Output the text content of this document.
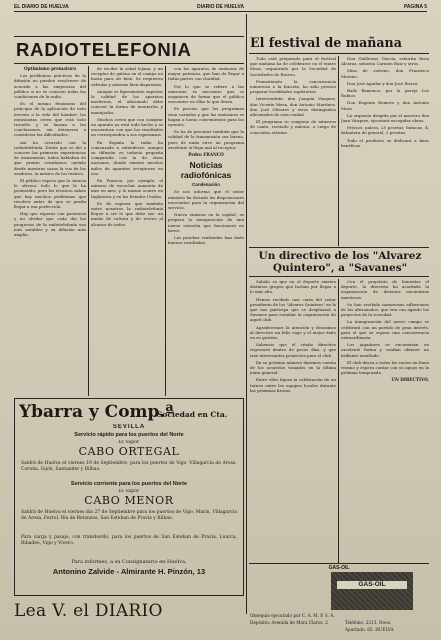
EL DIARIO DE HUELVA	DIARIO DE HUELVA	PAGINA 5
RADIOTELEFONIA

Optimismo prematuro

Los problemas prácticos de la difusión no pueden resolverse de acuerdo a las exigencias del público si no se conocen todas las condiciones de la radio.

Es el mismo fenómeno del principio de la aplicación de todo invento a la vida del hombre: los entusiastas creen que está todo resuelto y se lanzan a las conclusiones, sin detenerse a considerar las dificultades.

Así ha ocurrido con la radiotelefonía. Desde que se dió a conocer las primeras experiencias de transmisión, todos hablaban de que pronto estaríamos oyendo desde nuestras casas la voz de los oradores, la música de los teatros.

El público espera que la ciencia le ofrezca todo lo que le ha prometido; pero los técnicos saben que hay muchos problemas que resolver antes de que se pueda llegar a esa perfección.

Hay que esperar con paciencia y no olvidar que cada día los progresos de la radiotelefonía son más notables y su difusión más amplia.

de recibir la señal lejana, y un receptor de galena en el campo no basta para oír bien. Se requieren válvulas y antenas bien dispuestas.

Aunque es ligeramente superior la calidad de los aparatos modernos, el aficionado debe conocer la forma de montarlos y manejarlos.

Muchos creen que con comprar un aparato ya está todo hecho y se encuentran con que los resultados no corresponden a sus esperanzas.

En España la radio ha comenzado a extenderse, aunque su difusión es todavía pequeña comparada con la de otras naciones, donde existen muchos miles de aparatos receptores en uso.

En Francia, por ejemplo, el número de escuchas aumenta de mes en mes, y lo mismo ocurre en Inglaterra y en los Estados Unidos.

Es de esperar que también entre nosotros la radiotelefonía llegue a ser lo que debe ser: un medio de cultura y de recreo al alcance de todos.

con los aparatos de emisoras de mayor potencia, que han de llegar a todas partes con claridad.

Por lo que se refiere a las emisoras, es necesario que se organicen de forma que el público encuentre en ellas lo que desea.

Es preciso que los programas sean variados y que las emisiones se hagan a horas convenientes para los oyentes.

Se ha de procurar también que la calidad de la transmisión sea buena, pues de nada sirve un programa excelente si llega mal al receptor.

Pedro FRANCO

Noticias radiofónicas

Condenación

Se nos informa que el señor ministro ha dictado las disposiciones necesarias para la organización del servicio.

Nueva emisora en la capital; se prepara la inauguración de una nueva estación que funcionará en breve.

Las pruebas realizadas han dado buenos resultados.

El festival de mañana

Todo está preparado para el festival que mañana ha de celebrarse en el teatro Mora, organizado por la Sociedad de Sociedades de Recreo.

Prometiendo la concurrencia numerosa a la función, ha sido preciso preparar localidades supletorias.

Intervendrán: don Joaquín Vázquez, don Vicente Mesa, don Antonio Martínez, don José Olivares y otros distinguidos aficionados de esta ciudad.

El programa se compone de números de canto, recitado y música, a cargo de conocidos artistas.

Don Guillermo García, señorita Rosa Alcaraz, señorita Carmen Ruiz y otros.

Misa de estreno, don Francisco Moreno.

Don José Aguilar y don José Iborra.

Baile flamenco, por la pareja Los Rubios.

Don Eugenio Romero y don Antonio Mora.

La orquesta dirigida por el maestro don Juan Vázquez, ejecutará escogidas obras.

Precios: palcos, 25 pesetas; butacas, 4; delantera de general, 2 pesetas.

Todo el producto se dedicará a fines benéficos.

Un directivo de los "Alvarez Quintero", a "Savanes"

Sabido es que en el deporte existen distintos grupos que luchan por llegar a lo más alto.

Hemos recibido una carta del señor presidente de los "Alvarez Quintero" en la que nos participa que se desplazará a Savanes para estudiar la organización de aquel club.

Agradecemos la atención y deseamos al directivo un feliz viaje y el mejor éxito en su gestión.

Sabemos que el citado directivo regresará dentro de pocos días, y que trae interesantes proyectos para el club.

En su próximo número daremos cuenta de los acuerdos tomados en la última junta general.

Entre ellos figura la celebración de un torneo entre los equipos locales durante las próximas fiestas.

Con el propósito de fomentar el deporte, la directiva ha acordado la organización de diversos encuentros amistosos.

Se han recibido numerosas adhesiones de los aficionados, que ven con agrado los proyectos de la sociedad.

La inauguración del nuevo campo se celebrará con un partido de gran interés, para el que se espera una concurrencia extraordinaria.

Los jugadores se encuentran en excelente forma y confían obtener un brillante resultado.

El club desea a todos los socios un buen verano y espera contar con su apoyo en la próxima temporada.

UN DIRECTIVO.

Ybarra y Comp.ª
Sociedad en Cta.
SEVILLA
Servicio rápido para los puertos del Norte
El Vapor
CABO ORTEGAL
Saldrá de Huelva el viernes 19 de Septiembre, para los puertos de Vigo, Villagarcía de Arosa, Coruña, Gijón, Santander y Bilbao.
Servicio corriente para los puertos del Norte
El Vapor
CABO MENOR
Saldrá de Huelva el viernes día 27 de Septiembre para los puertos de Vigo, Marín, Villagarcía de Arosa, Ferrol, Ría de Betanzos, San Esteban de Pravia y Bilbao.
Para carga y pasaje, con transbordo, para los puertos de San Esteban de Pravia, Luarca, Ribadeo, Vigo y Vivero.
Para informes, a su Consignatario en Huelva,
Antonino Zalvide - Almirante H. Pinzón, 13
Lea V. el DIARIO
GAS-OIL
GAS-OIL
Obsequio ejecutado por C. A. M. P. S. A.
Depósito: Avenida de Mora Claros, 2	Teléfono, 2213. Noes.
Apartado, 85. HUELVA
